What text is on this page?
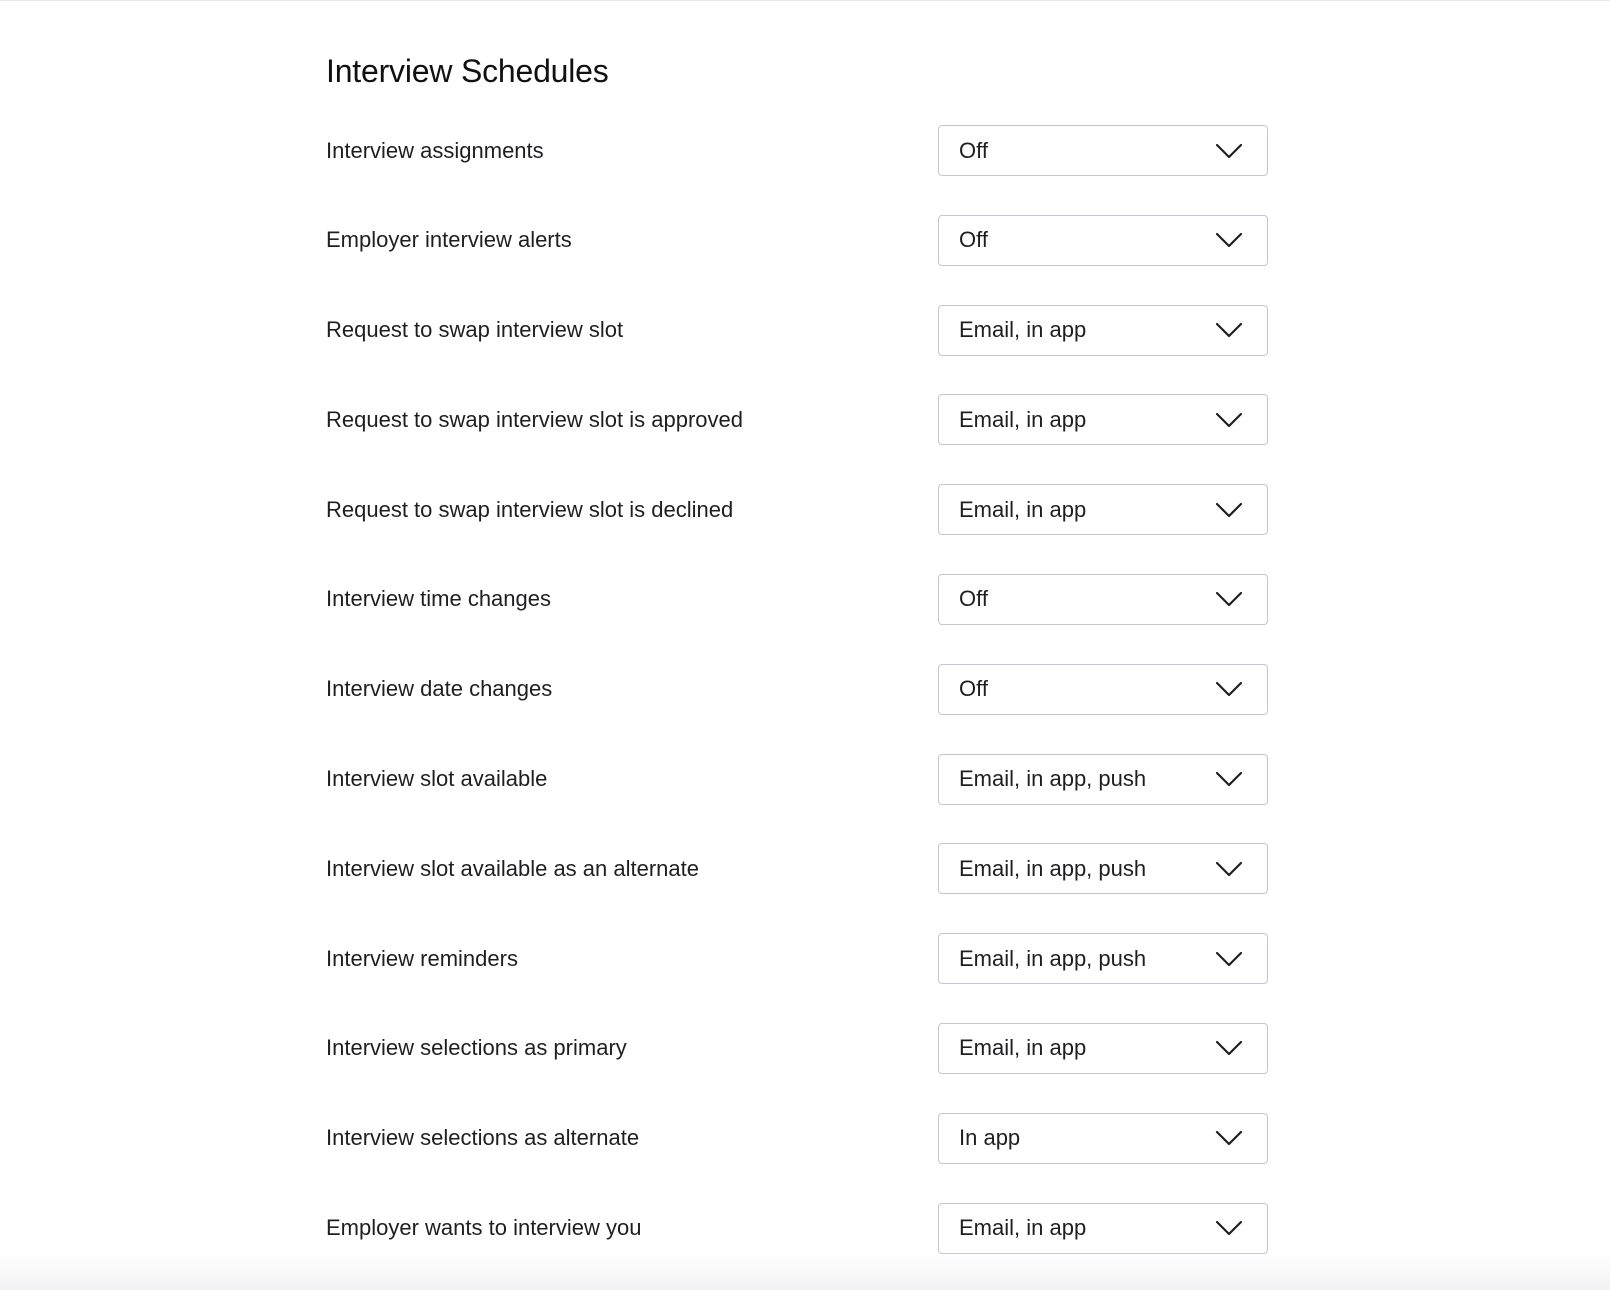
Interview Schedules
Interview assignments	Off
Employer interview alerts	Off
Request to swap interview slot	Email, in app
Request to swap interview slot is approved	Email, in app
Request to swap interview slot is declined	Email, in app
Interview time changes	Off
Interview date changes	Off
Interview slot available	Email, in app, push
Interview slot available as an alternate	Email, in app, push
Interview reminders	Email, in app, push
Interview selections as primary	Email, in app
Interview selections as alternate	In app
Employer wants to interview you	Email, in app
